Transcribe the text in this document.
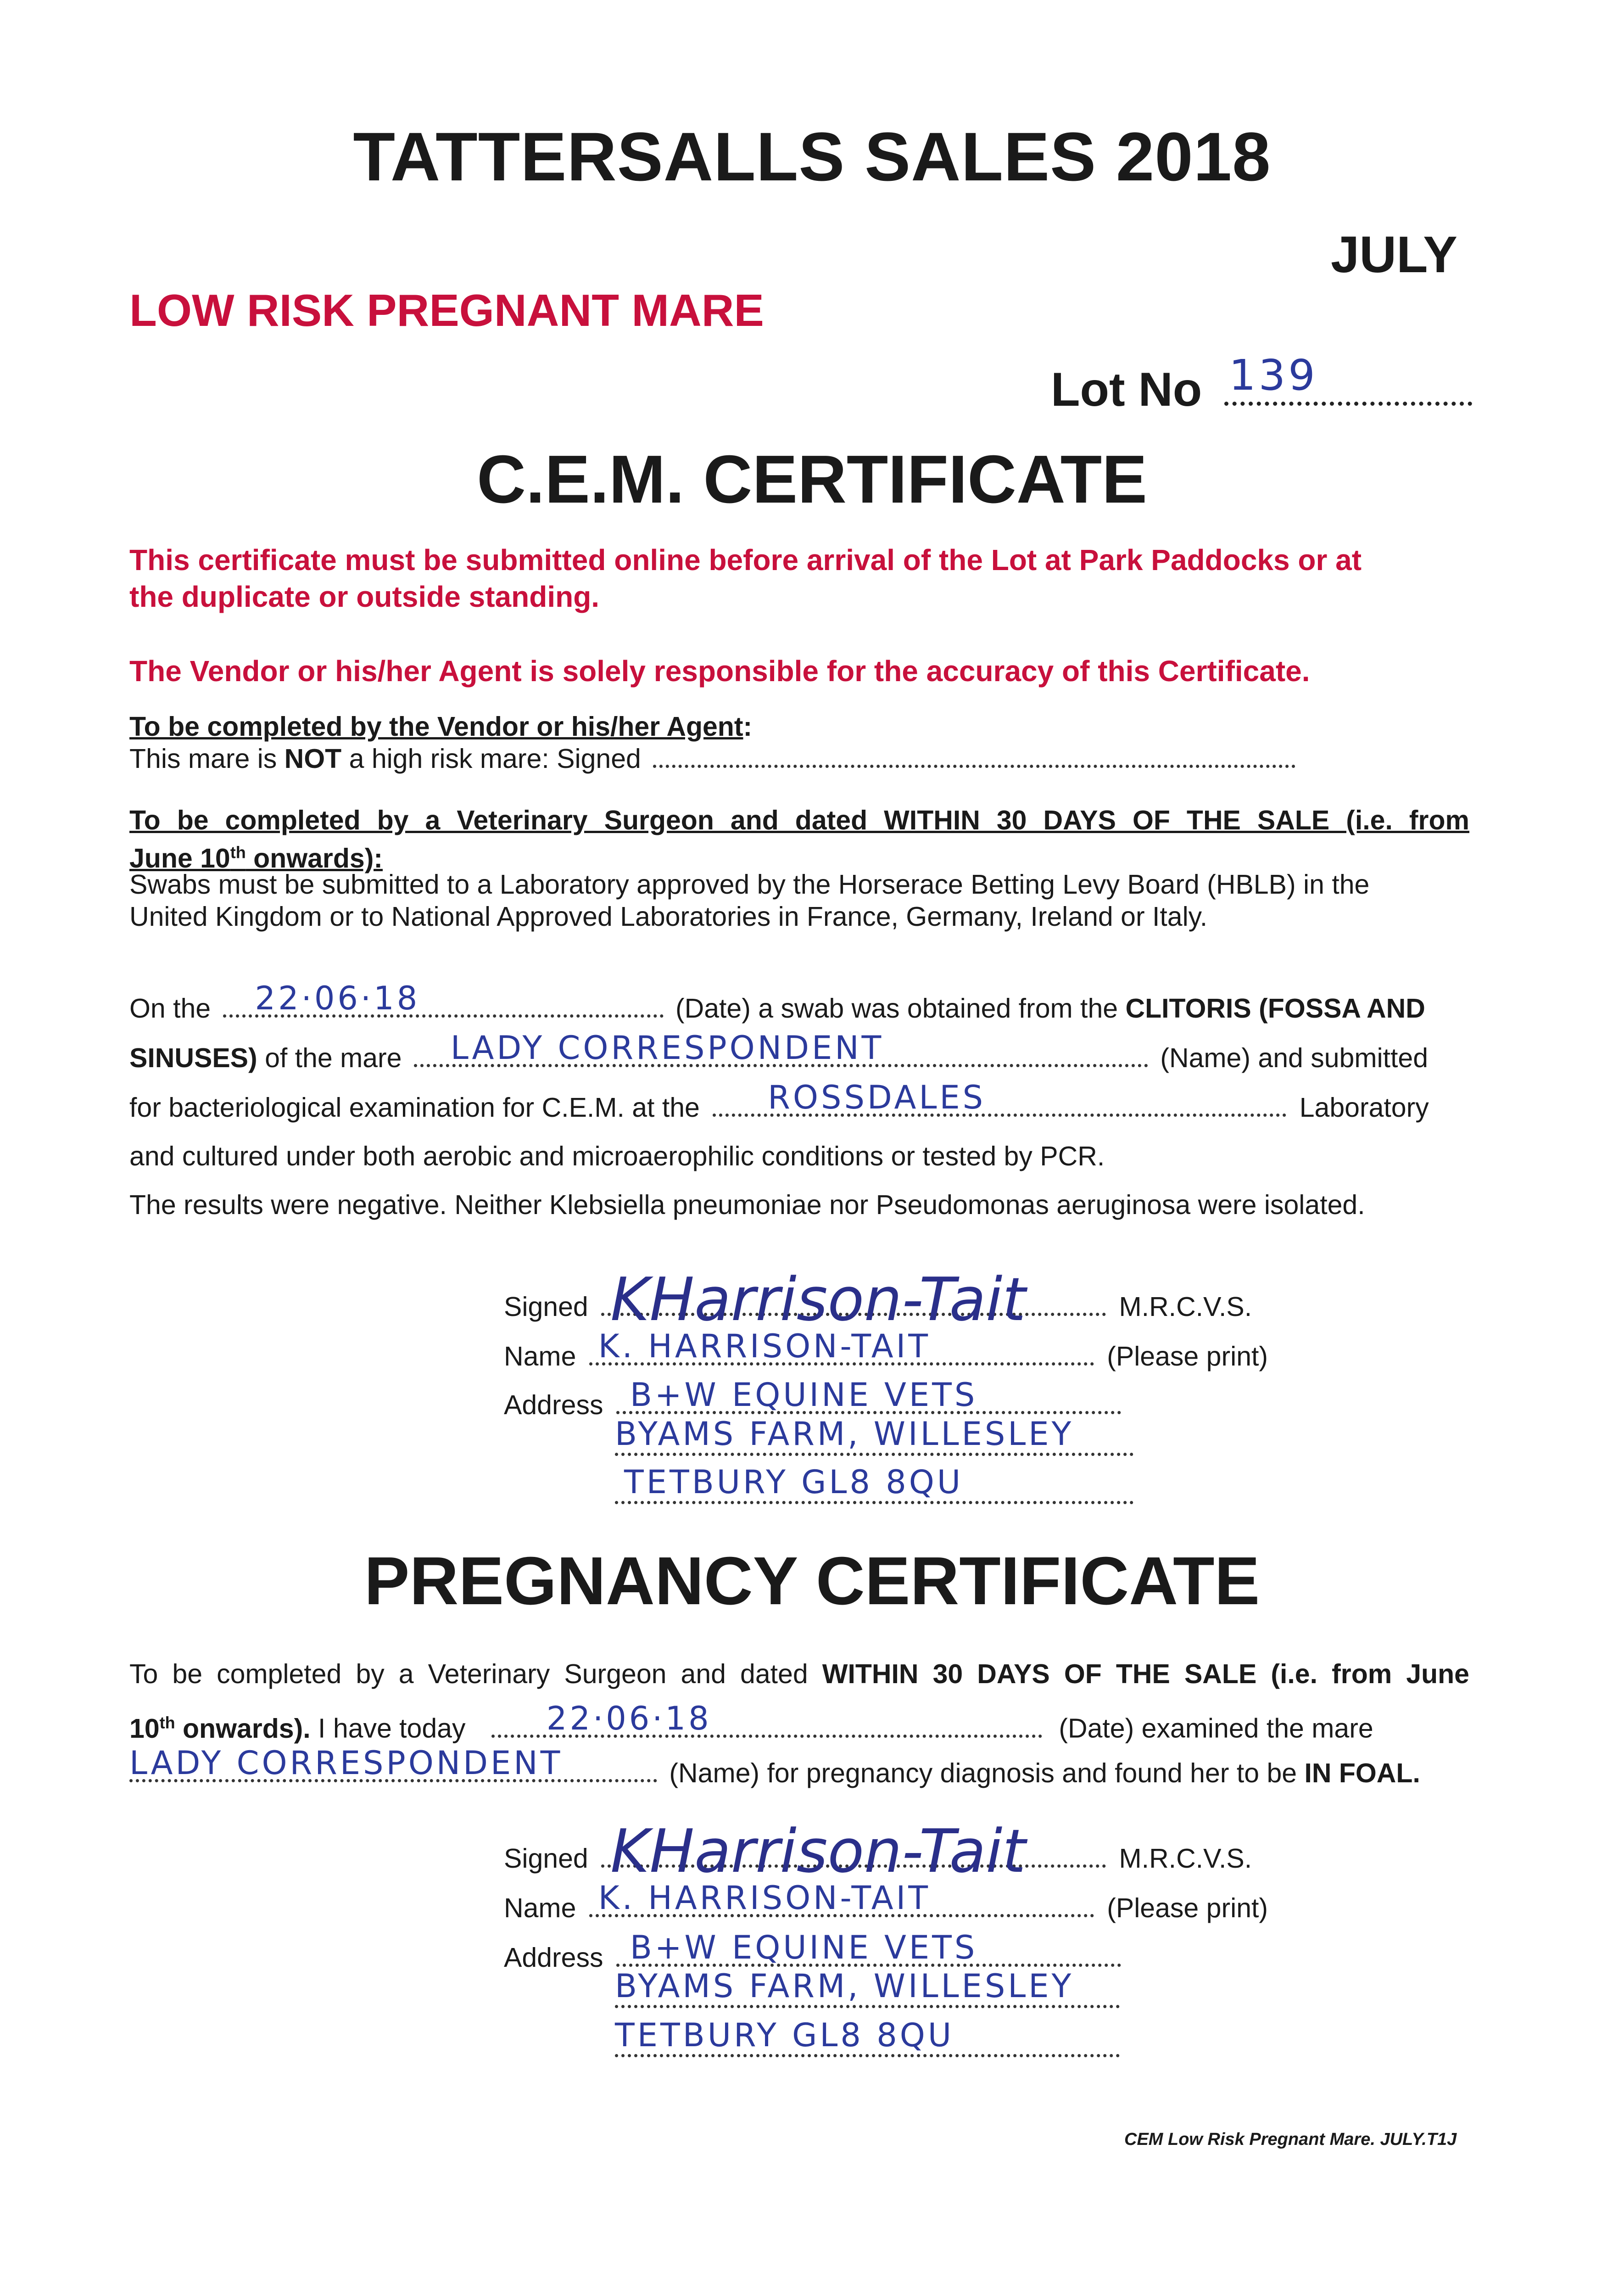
TATTERSALLS SALES 2018
JULY
LOW RISK PREGNANT MARE
Lot No 139
C.E.M. CERTIFICATE
This certificate must be submitted online before arrival of the Lot at Park Paddocks or at
the duplicate or outside standing.
The Vendor or his/her Agent is solely responsible for the accuracy of this Certificate.
To be completed by the Vendor or his/her Agent:
This mare is NOT a high risk mare: Signed
To be completed by a Veterinary Surgeon and dated WITHIN 30 DAYS OF THE SALE (i.e. from
June 10th onwards):
Swabs must be submitted to a Laboratory approved by the Horserace Betting Levy Board (HBLB) in the
United Kingdom or to National Approved Laboratories in France, Germany, Ireland or Italy.
On the 22·06·18	(Date) a swab was obtained from the CLITORIS (FOSSA AND
SINUSES) of the mare LADY CORRESPONDENT	(Name) and submitted
for bacteriological examination for C.E.M. at the ROSSDALES	Laboratory
and cultured under both aerobic and microaerophilic conditions or tested by PCR.
The results were negative. Neither Klebsiella pneumoniae nor Pseudomonas aeruginosa were isolated.
Signed KHarrison-Tait	M.R.C.V.S.
Name K. HARRISON-TAIT	(Please print)
Address B+W EQUINE VETS
BYAMS FARM, WILLESLEY
TETBURY GL8 8QU
PREGNANCY CERTIFICATE
To be completed by a Veterinary Surgeon and dated WITHIN 30 DAYS OF THE SALE (i.e. from June
10th onwards). I have today	22·06·18	(Date) examined the mare
LADY CORRESPONDENT	(Name) for pregnancy diagnosis and found her to be IN FOAL.
Signed KHarrison-Tait	M.R.C.V.S.
Name K. HARRISON-TAIT	(Please print)
Address B+W EQUINE VETS
BYAMS FARM, WILLESLEY
TETBURY GL8 8QU
CEM Low Risk Pregnant Mare. JULY.T1J
